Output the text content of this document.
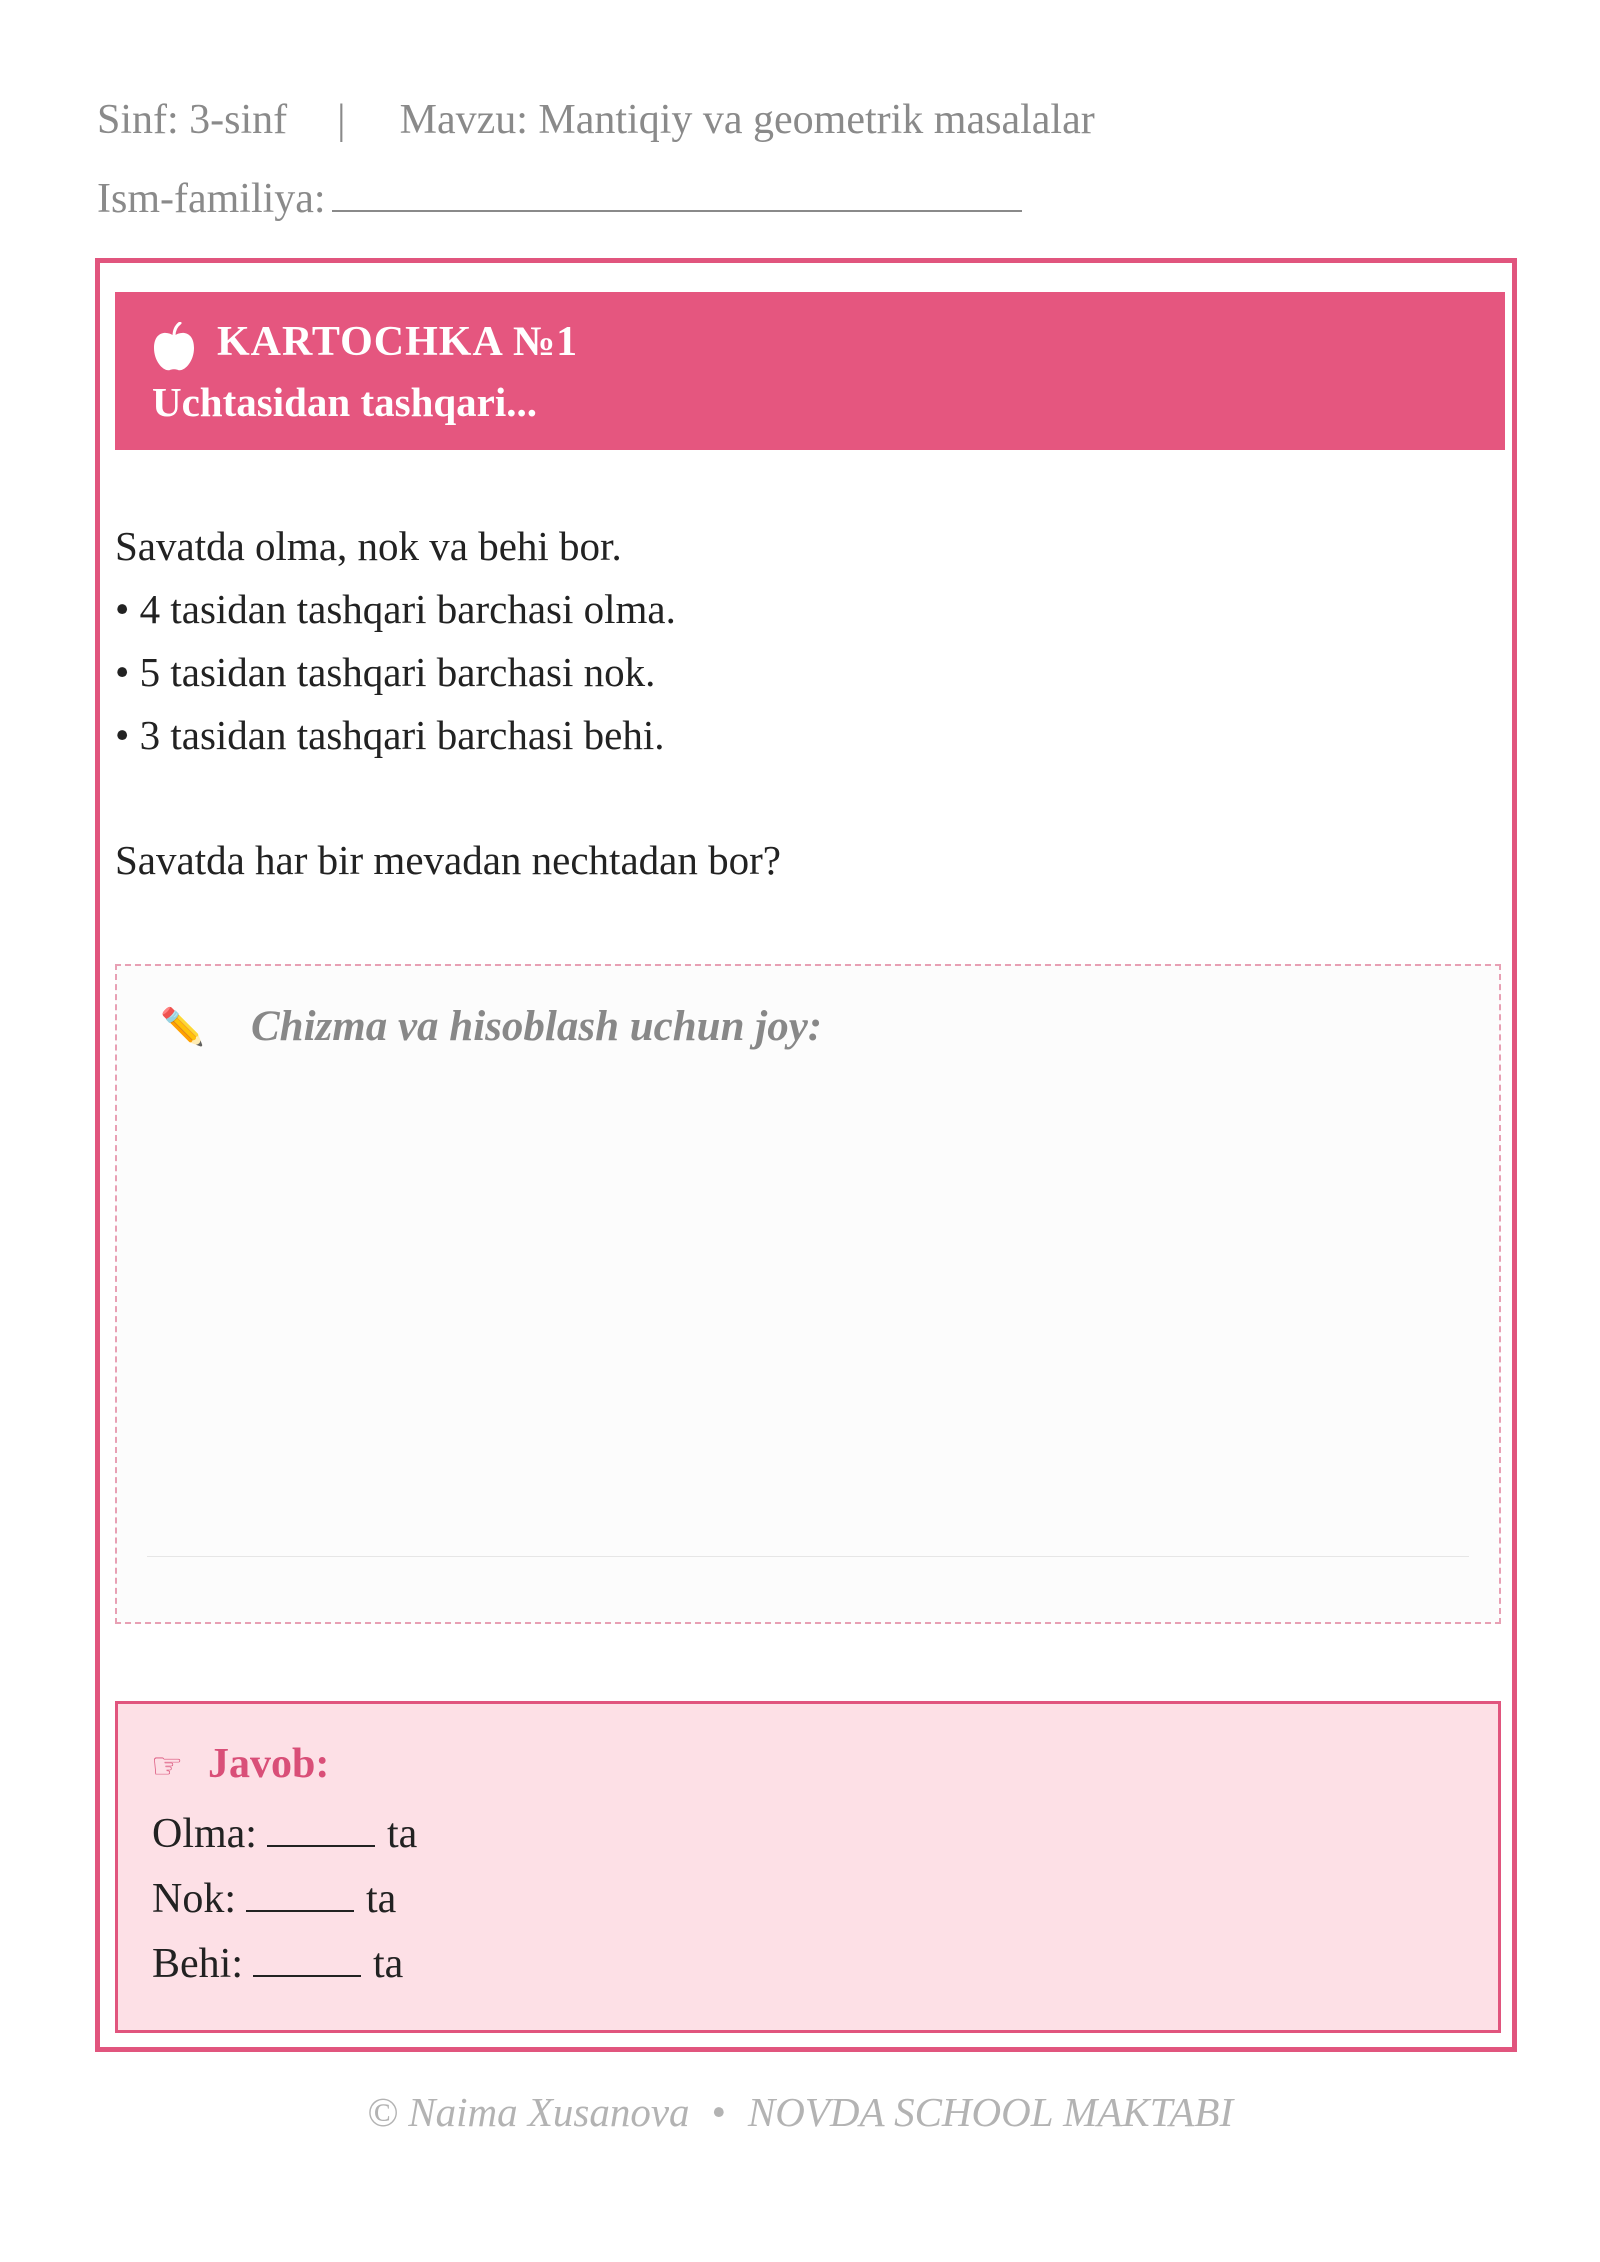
Sinf: 3-sinf | Mavzu: Mantiqiy va geometrik masalalar
Ism-familiya:
KARTOCHKA №1
Uchtasidan tashqari...
Savatda olma, nok va behi bor.
• 4 tasidan tashqari barchasi olma.
• 5 tasidan tashqari barchasi nok.
• 3 tasidan tashqari barchasi behi.
Savatda har bir mevadan nechtadan bor?
✏️ Chizma va hisoblash uchun joy:
☞ Javob:
Olma:	ta
Nok:	ta
Behi:	ta
© Naima Xusanova • NOVDA SCHOOL MAKTABI
